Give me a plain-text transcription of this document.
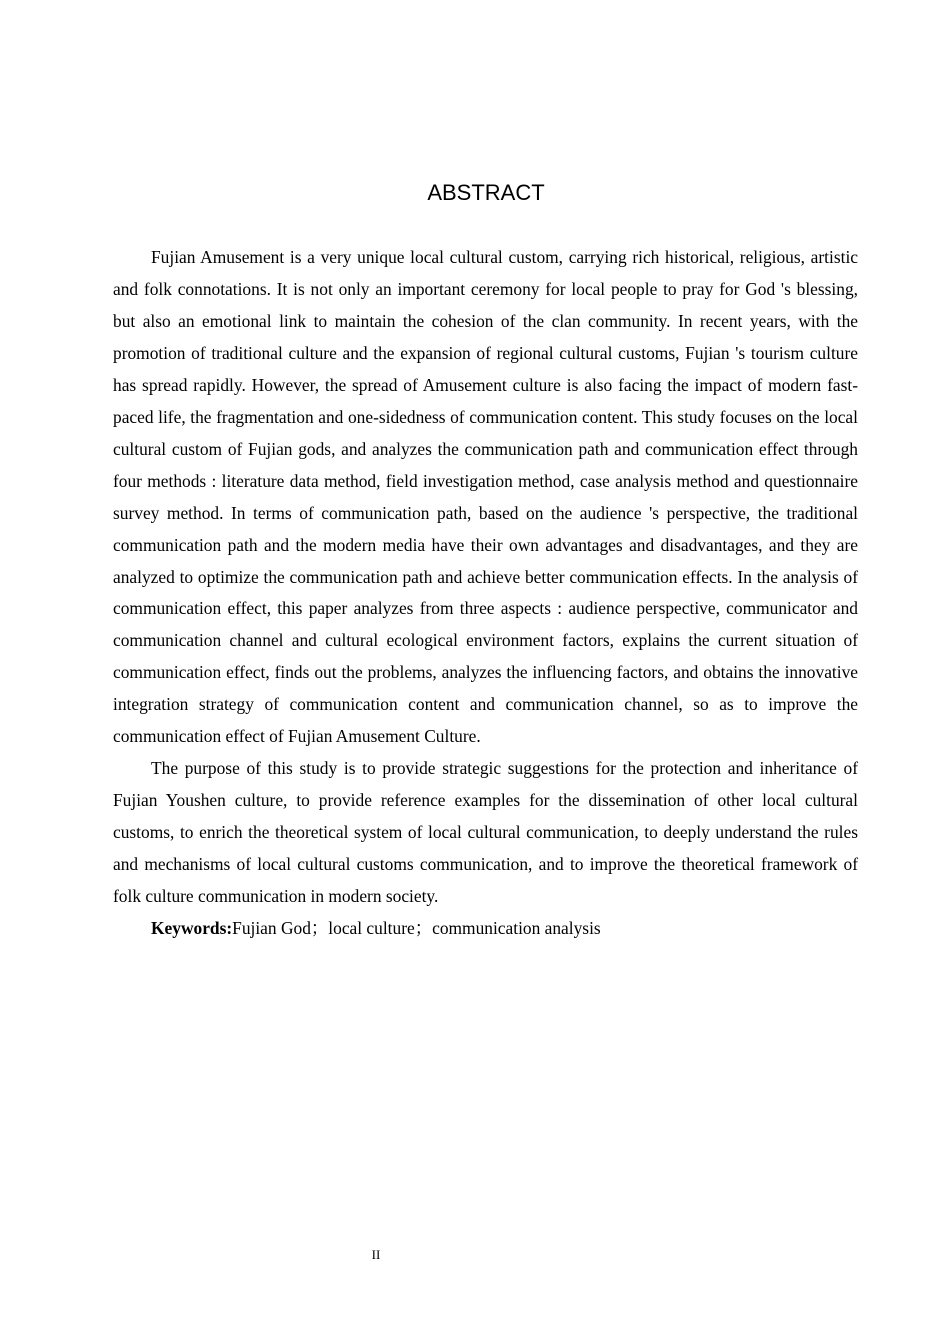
ABSTRACT

Fujian Amusement is a very unique local cultural custom, carrying rich historical, religious, artistic and folk connotations. It is not only an important ceremony for local people to pray for God 's blessing, but also an emotional link to maintain the cohesion of the clan community. In recent years, with the promotion of traditional culture and the expansion of regional cultural customs, Fujian 's tourism culture has spread rapidly. However, the spread of Amusement culture is also facing the impact of modern fast-paced life, the fragmentation and one-sidedness of communication content. This study focuses on the local cultural custom of Fujian gods, and analyzes the communication path and communication effect through four methods : literature data method, field investigation method, case analysis method and questionnaire survey method. In terms of communication path, based on the audience 's perspective, the traditional communication path and the modern media have their own advantages and disadvantages, and they are analyzed to optimize the communication path and achieve better communication effects. In the analysis of communication effect, this paper analyzes from three aspects : audience perspective, communicator and communication channel and cultural ecological environment factors, explains the current situation of communication effect, finds out the problems, analyzes the influencing factors, and obtains the innovative integration strategy of communication content and communication channel, so as to improve the communication effect of Fujian Amusement Culture.

The purpose of this study is to provide strategic suggestions for the protection and inheritance of Fujian Youshen culture, to provide reference examples for the dissemination of other local cultural customs, to enrich the theoretical system of local cultural communication, to deeply understand the rules and mechanisms of local cultural customs communication, and to improve the theoretical framework of folk culture communication in modern society.

Keywords:Fujian God；local culture；communication analysis

II
